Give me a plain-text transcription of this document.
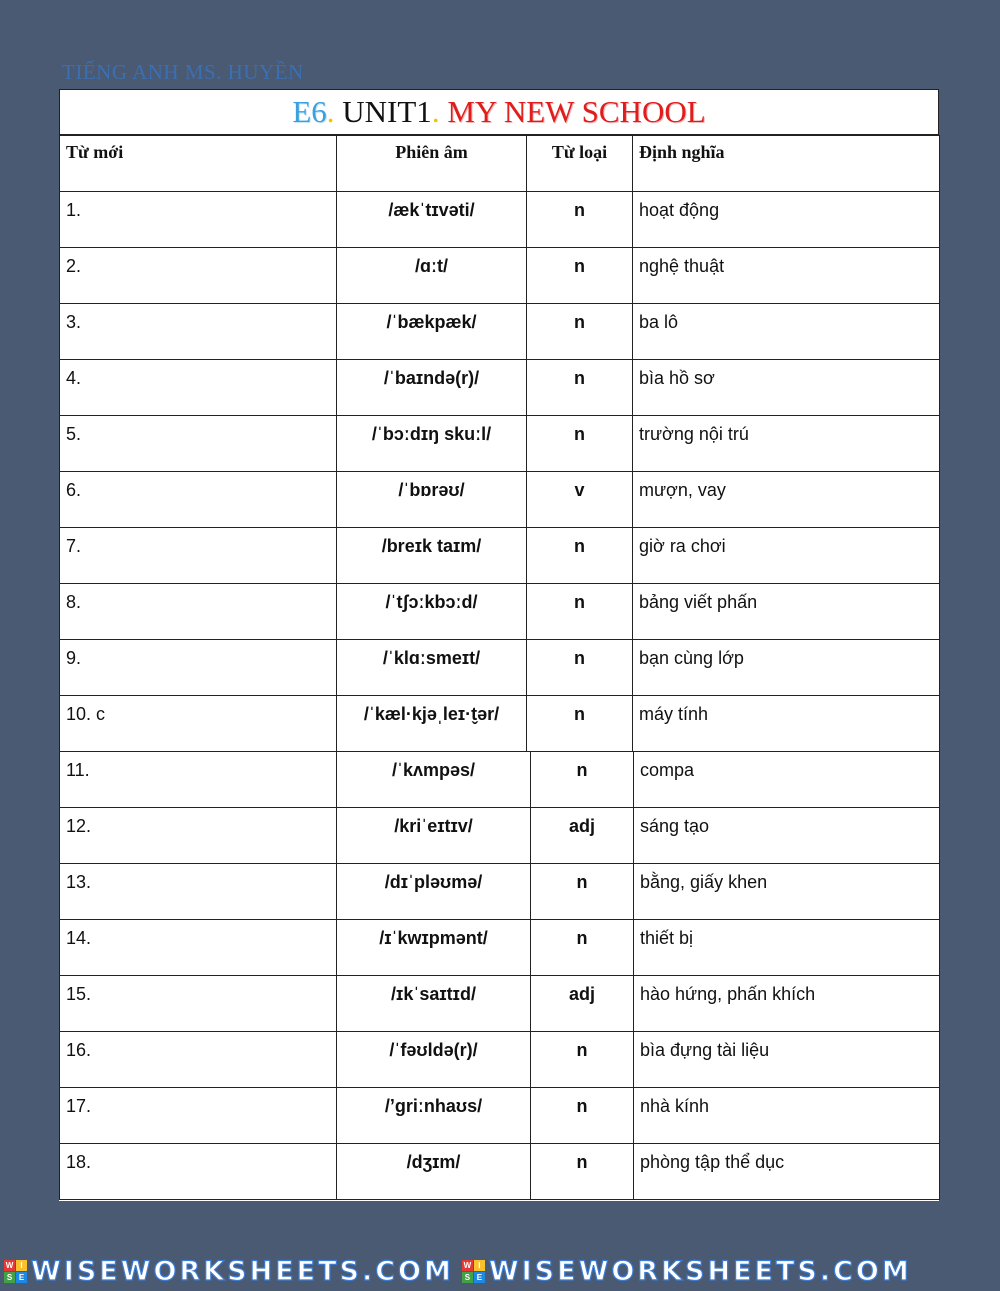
TIẾNG ANH MS. HUYỀN
E6 . UNIT1 . MY NEW SCHOOL
Từ mới	Phiên âm	Từ loại	Định nghĩa

1.	/ækˈtɪvəti/	n	hoạt động

2.	/ɑːt/	n	nghệ thuật

3.	/ˈbækpæk/	n	ba lô

4.	/ˈbaɪndə(r)/	n	bìa hồ sơ

5.	/ˈbɔːdɪŋ skuːl/	n	trường nội trú

6.	/ˈbɒrəʊ/	v	mượn, vay

7.	/breɪk taɪm/	n	giờ ra chơi

8.	/ˈtʃɔːkbɔːd/	n	bảng viết phấn

9.	/ˈklɑːsmeɪt/	n	bạn cùng lớp

10. c	/ˈkæl·kjəˌleɪ·t̬ər/	n	máy tính
11.	/ˈkʌmpəs/	n	compa

12.	/kriˈeɪtɪv/	adj	sáng tạo

13.	/dɪˈpləʊmə/	n	bằng, giấy khen

14.	/ɪˈkwɪpmənt/	n	thiết bị

15.	/ɪkˈsaɪtɪd/	adj	hào hứng, phấn khích

16.	/ˈfəʊldə(r)/	n	bìa đựng tài liệu

17.	/’griːnhaʊs/	n	nhà kính

18.	/dʒɪm/	n	phòng tập thể dục
W I
S E WISEWORKSHEETS.COM W I
S E WISEWORKSHEETS.COM
